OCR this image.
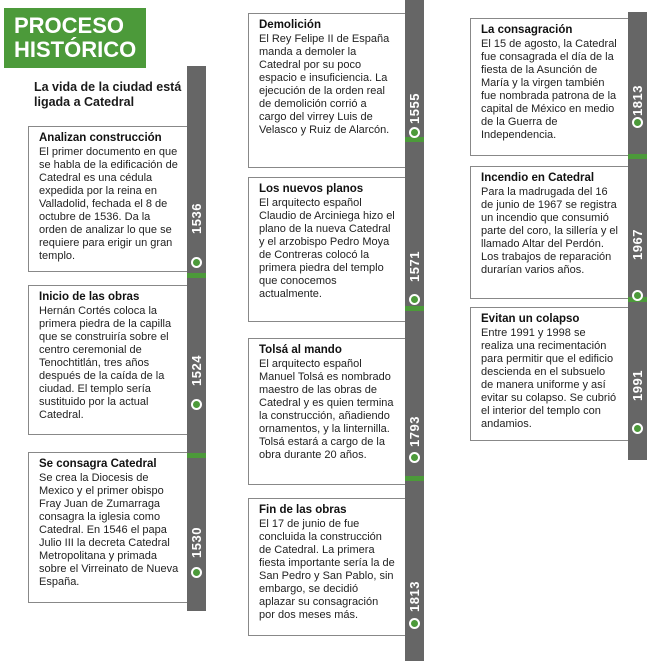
PROCESO
HISTÓRICO
La vida de la ciudad está ligada a Catedral
1536
1524
1530
1555
1571
1793
1813
1813
1967
1991
Analizan construcción
El primer documento en que se habla de la edificación de Catedral es una cédula expedida por la reina en Valladolid, fechada el 8 de octubre de 1536. Da la orden de analizar lo que se requiere para erigir un gran templo.
Inicio de las obras
Hernán Cortés coloca la primera piedra de la capilla que se construiría sobre el centro ceremonial de Tenochtitlán, tres años después de la caída de la ciudad. El templo sería sustituido por la actual Catedral.
Se consagra Catedral
Se crea la Diocesis de Mexico y el primer obispo Fray Juan de Zumarraga consagra la iglesia como Catedral. En 1546 el papa Julio III la decreta Catedral Metropolitana y primada sobre el Virreinato de Nueva España.
Demolición
El Rey Felipe II de España manda a demoler la Catedral por su poco espacio e insuficiencia. La ejecución de la orden real de demolición corrió a cargo del virrey Luis de Velasco y Ruiz de Alarcón.
Los nuevos planos
El arquitecto español Claudio de Arciniega hizo el plano de la nueva Catedral y el arzobispo Pedro Moya de Contreras colocó la primera piedra del templo que conocemos actualmente.
Tolsá al mando
El arquitecto español Manuel Tolsá es nombrado maestro de las obras de Catedral y es quien termina la construcción, añadiendo ornamentos, y la linternilla. Tolsá estará a cargo de la obra durante 20 años.
Fin de las obras
El 17 de junio de fue concluida la construcción de Catedral. La primera fiesta importante sería la de San Pedro y San Pablo, sin embargo, se decidió aplazar su consagración por dos meses más.
La consagración
El 15 de agosto, la Catedral fue consagrada el día de la fiesta de la Asunción de María y la virgen también fue nombrada patrona de la capital de México en medio de la Guerra de Independencia.
Incendio en Catedral
Para la madrugada del 16 de junio de 1967 se registra un incendio que consumió parte del coro, la sillería y el llamado Altar del Perdón. Los trabajos de reparación durarían varios años.
Evitan un colapso
Entre 1991 y 1998 se realiza una recimentación para permitir que el edificio descienda en el subsuelo de manera uniforme y así evitar su colapso. Se cubrió el interior del templo con andamios.
